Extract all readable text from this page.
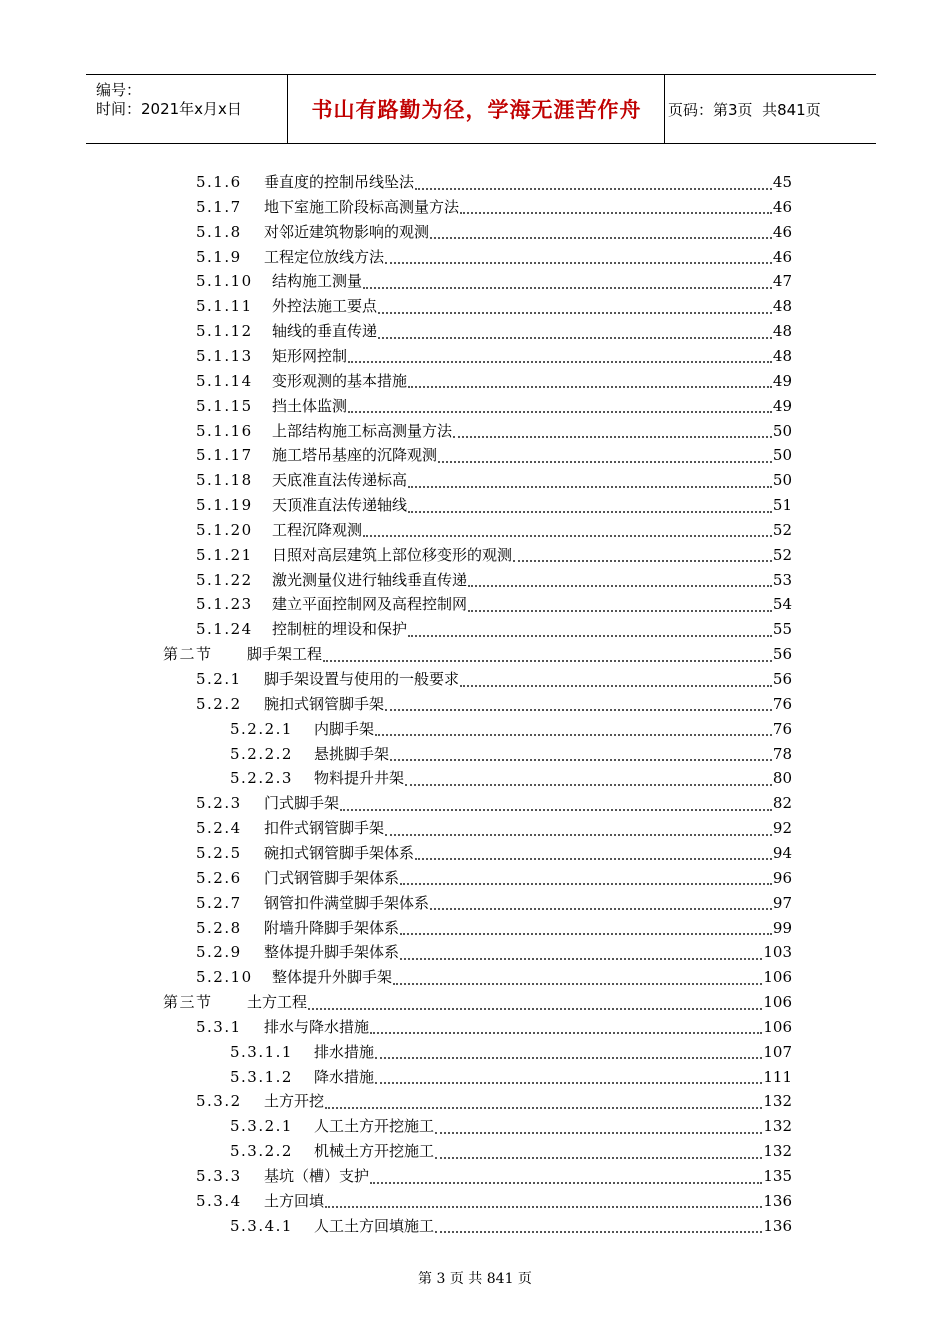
编号：
时间：2021年x月x日	书山有路勤为径，学海无涯苦作舟	页码：第3页  共841页
5.1.6	垂直度的控制吊线坠法	45
5.1.7	地下室施工阶段标高测量方法	46
5.1.8	对邻近建筑物影响的观测	46
5.1.9	工程定位放线方法	46
5.1.10	结构施工测量	47
5.1.11	外控法施工要点	48
5.1.12	轴线的垂直传递	48
5.1.13	矩形网控制	48
5.1.14	变形观测的基本措施	49
5.1.15	挡土体监测	49
5.1.16	上部结构施工标高测量方法	50
5.1.17	施工塔吊基座的沉降观测	50
5.1.18	天底准直法传递标高	50
5.1.19	天顶准直法传递轴线	51
5.1.20	工程沉降观测	52
5.1.21	日照对高层建筑上部位移变形的观测	52
5.1.22	激光测量仪进行轴线垂直传递	53
5.1.23	建立平面控制网及高程控制网	54
5.1.24	控制桩的埋设和保护	55
第二节	脚手架工程	56
5.2.1	脚手架设置与使用的一般要求	56
5.2.2	腕扣式钢管脚手架	76
5.2.2.1	内脚手架	76
5.2.2.2	悬挑脚手架	78
5.2.2.3	物料提升井架	80
5.2.3	门式脚手架	82
5.2.4	扣件式钢管脚手架	92
5.2.5	碗扣式钢管脚手架体系	94
5.2.6	门式钢管脚手架体系	96
5.2.7	钢管扣件满堂脚手架体系	97
5.2.8	附墙升降脚手架体系	99
5.2.9	整体提升脚手架体系	103
5.2.10	整体提升外脚手架	106
第三节	土方工程	106
5.3.1	排水与降水措施	106
5.3.1.1	排水措施	107
5.3.1.2	降水措施	111
5.3.2	土方开挖	132
5.3.2.1	人工土方开挖施工	132
5.3.2.2	机械土方开挖施工	132
5.3.3	基坑（槽）支护	135
5.3.4	土方回填	136
5.3.4.1	人工土方回填施工	136
第 3 页 共 841 页
